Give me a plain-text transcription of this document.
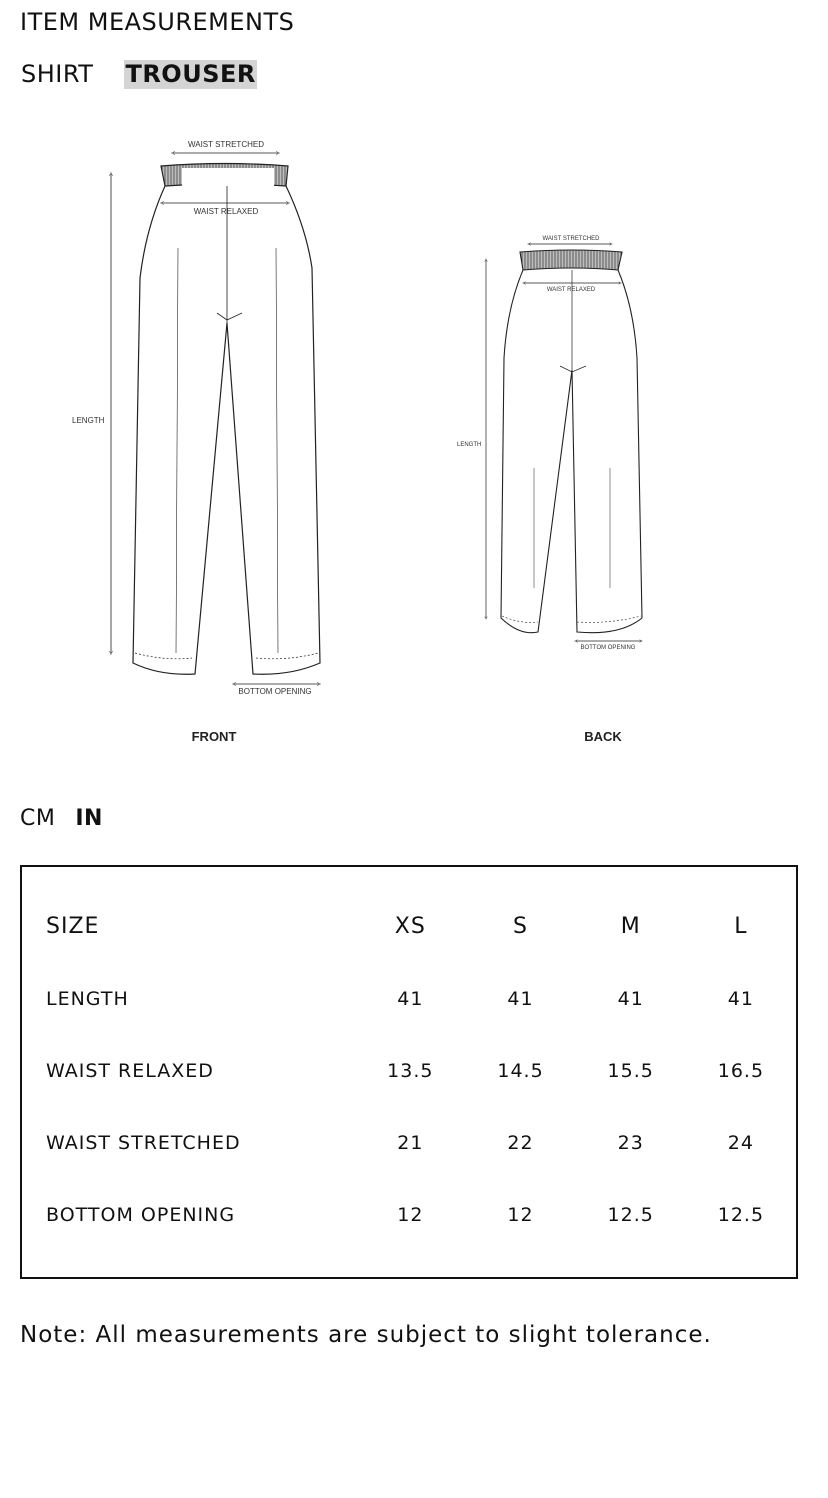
ITEM MEASUREMENTS
SHIRT TROUSER
WAIST STRETCHED
WAIST RELAXED
LENGTH
BOTTOM OPENING
FRONT
WAIST STRETCHED
WAIST RELAXED
LENGTH
BOTTOM OPENING
BACK
CM IN
SIZE	XS	S	M	L
LENGTH	41	41	41	41
WAIST RELAXED	13.5	14.5	15.5	16.5
WAIST STRETCHED	21	22	23	24
BOTTOM OPENING	12	12	12.5	12.5
Note: All measurements are subject to slight tolerance.
